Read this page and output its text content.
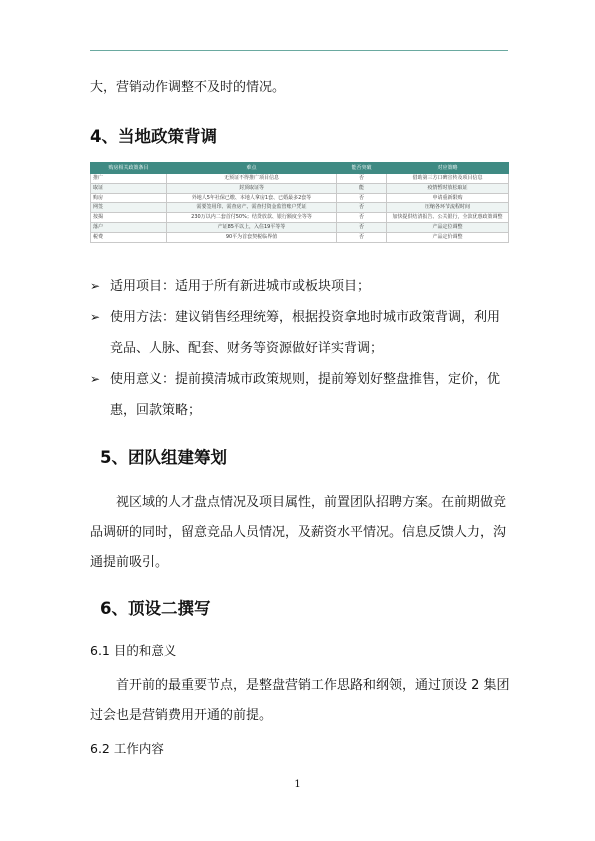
大，营销动作调整不及时的情况。

4、当地政策背调
购房相关政策条目	难点	能否突破	对应策略
推广	无预证不得推广项目信息	否	借助第三方口碑宣传及项目信息
取证	封顶取证等	能	疫情暂时放松取证
购房	外地人5年社保已缴、本地人拿房1套、已婚最多2套等	否	申请重新限购
网签	需要签用印、需查房产、需查付资金监管账户凭证	否	压缩各环节流程时间
按揭	230万以内二套首付50%；结贷放款、银行额度全等等	否	加快提供结清报告、公关银行，全款优惠政策调整
落户	产证85平以上，入住19平等等	否	产品定位调整
税费	90平为首套契税临界值	否	产品定价调整
➢ 适用项目：适用于所有新进城市或板块项目；
➢ 使用方法：建议销售经理统筹，根据投资拿地时城市政策背调，利用竞品、人脉、配套、财务等资源做好详实背调；
➢ 使用意义：提前摸清城市政策规则，提前筹划好整盘推售，定价，优惠，回款策略；
5、团队组建筹划

视区域的人才盘点情况及项目属性，前置团队招聘方案。在前期做竞品调研的同时，留意竞品人员情况，及薪资水平情况。信息反馈人力，沟通提前吸引。

6、顶设二撰写

6.1 目的和意义

首开前的最重要节点，是整盘营销工作思路和纲领，通过顶设 2 集团过会也是营销费用开通的前提。

6.2 工作内容

1
